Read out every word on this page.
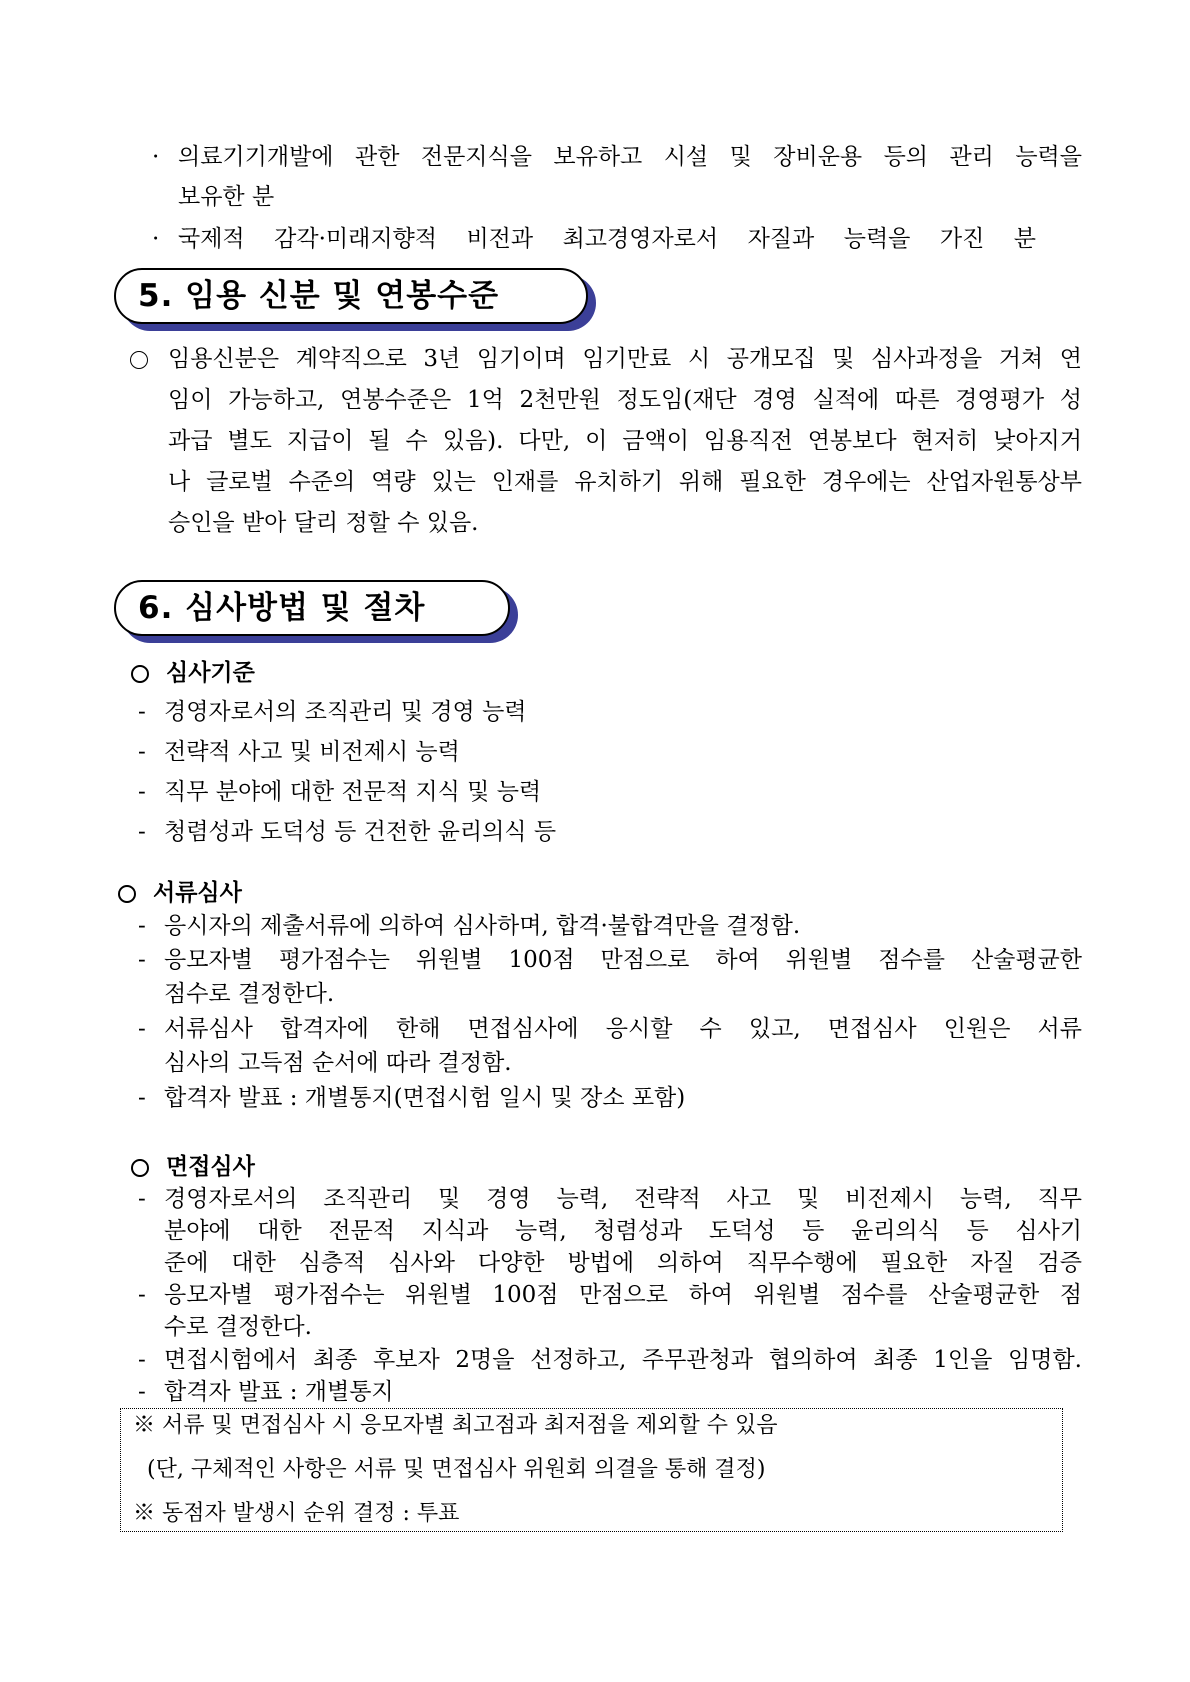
· 의료기기개발에 관한 전문지식을 보유하고 시설 및 장비운용 등의 관리 능력을
보유한 분
· 국제적 감각·미래지향적 비전과 최고경영자로서 자질과 능력을 가진 분
5. 임용 신분 및 연봉수준
임용신분은 계약직으로 3년 임기이며 임기만료 시 공개모집 및 심사과정을 거쳐 연
임이 가능하고, 연봉수준은 1억 2천만원 정도임(재단 경영 실적에 따른 경영평가 성
과급 별도 지급이 될 수 있음). 다만, 이 금액이 임용직전 연봉보다 현저히 낮아지거
나 글로벌 수준의 역량 있는 인재를 유치하기 위해 필요한 경우에는 산업자원통상부
승인을 받아 달리 정할 수 있음.
6. 심사방법 및 절차
심사기준
- 경영자로서의 조직관리 및 경영 능력
- 전략적 사고 및 비전제시 능력
- 직무 분야에 대한 전문적 지식 및 능력
- 청렴성과 도덕성 등 건전한 윤리의식 등
서류심사
- 응시자의 제출서류에 의하여 심사하며, 합격·불합격만을 결정함.
- 응모자별 평가점수는 위원별 100점 만점으로 하여 위원별 점수를 산술평균한
점수로 결정한다.
- 서류심사 합격자에 한해 면접심사에 응시할 수 있고, 면접심사 인원은 서류
심사의 고득점 순서에 따라 결정함.
- 합격자 발표 : 개별통지(면접시험 일시 및 장소 포함)
면접심사
- 경영자로서의 조직관리 및 경영 능력, 전략적 사고 및 비전제시 능력, 직무
분야에 대한 전문적 지식과 능력, 청렴성과 도덕성 등 윤리의식 등 심사기
준에 대한 심층적 심사와 다양한 방법에 의하여 직무수행에 필요한 자질 검증
- 응모자별 평가점수는 위원별 100점 만점으로 하여 위원별 점수를 산술평균한 점
수로 결정한다.
- 면접시험에서 최종 후보자 2명을 선정하고, 주무관청과 협의하여 최종 1인을 임명함.
- 합격자 발표 : 개별통지
※ 서류 및 면접심사 시 응모자별 최고점과 최저점을 제외할 수 있음
(단, 구체적인 사항은 서류 및 면접심사 위원회 의결을 통해 결정)
※ 동점자 발생시 순위 결정 : 투표
